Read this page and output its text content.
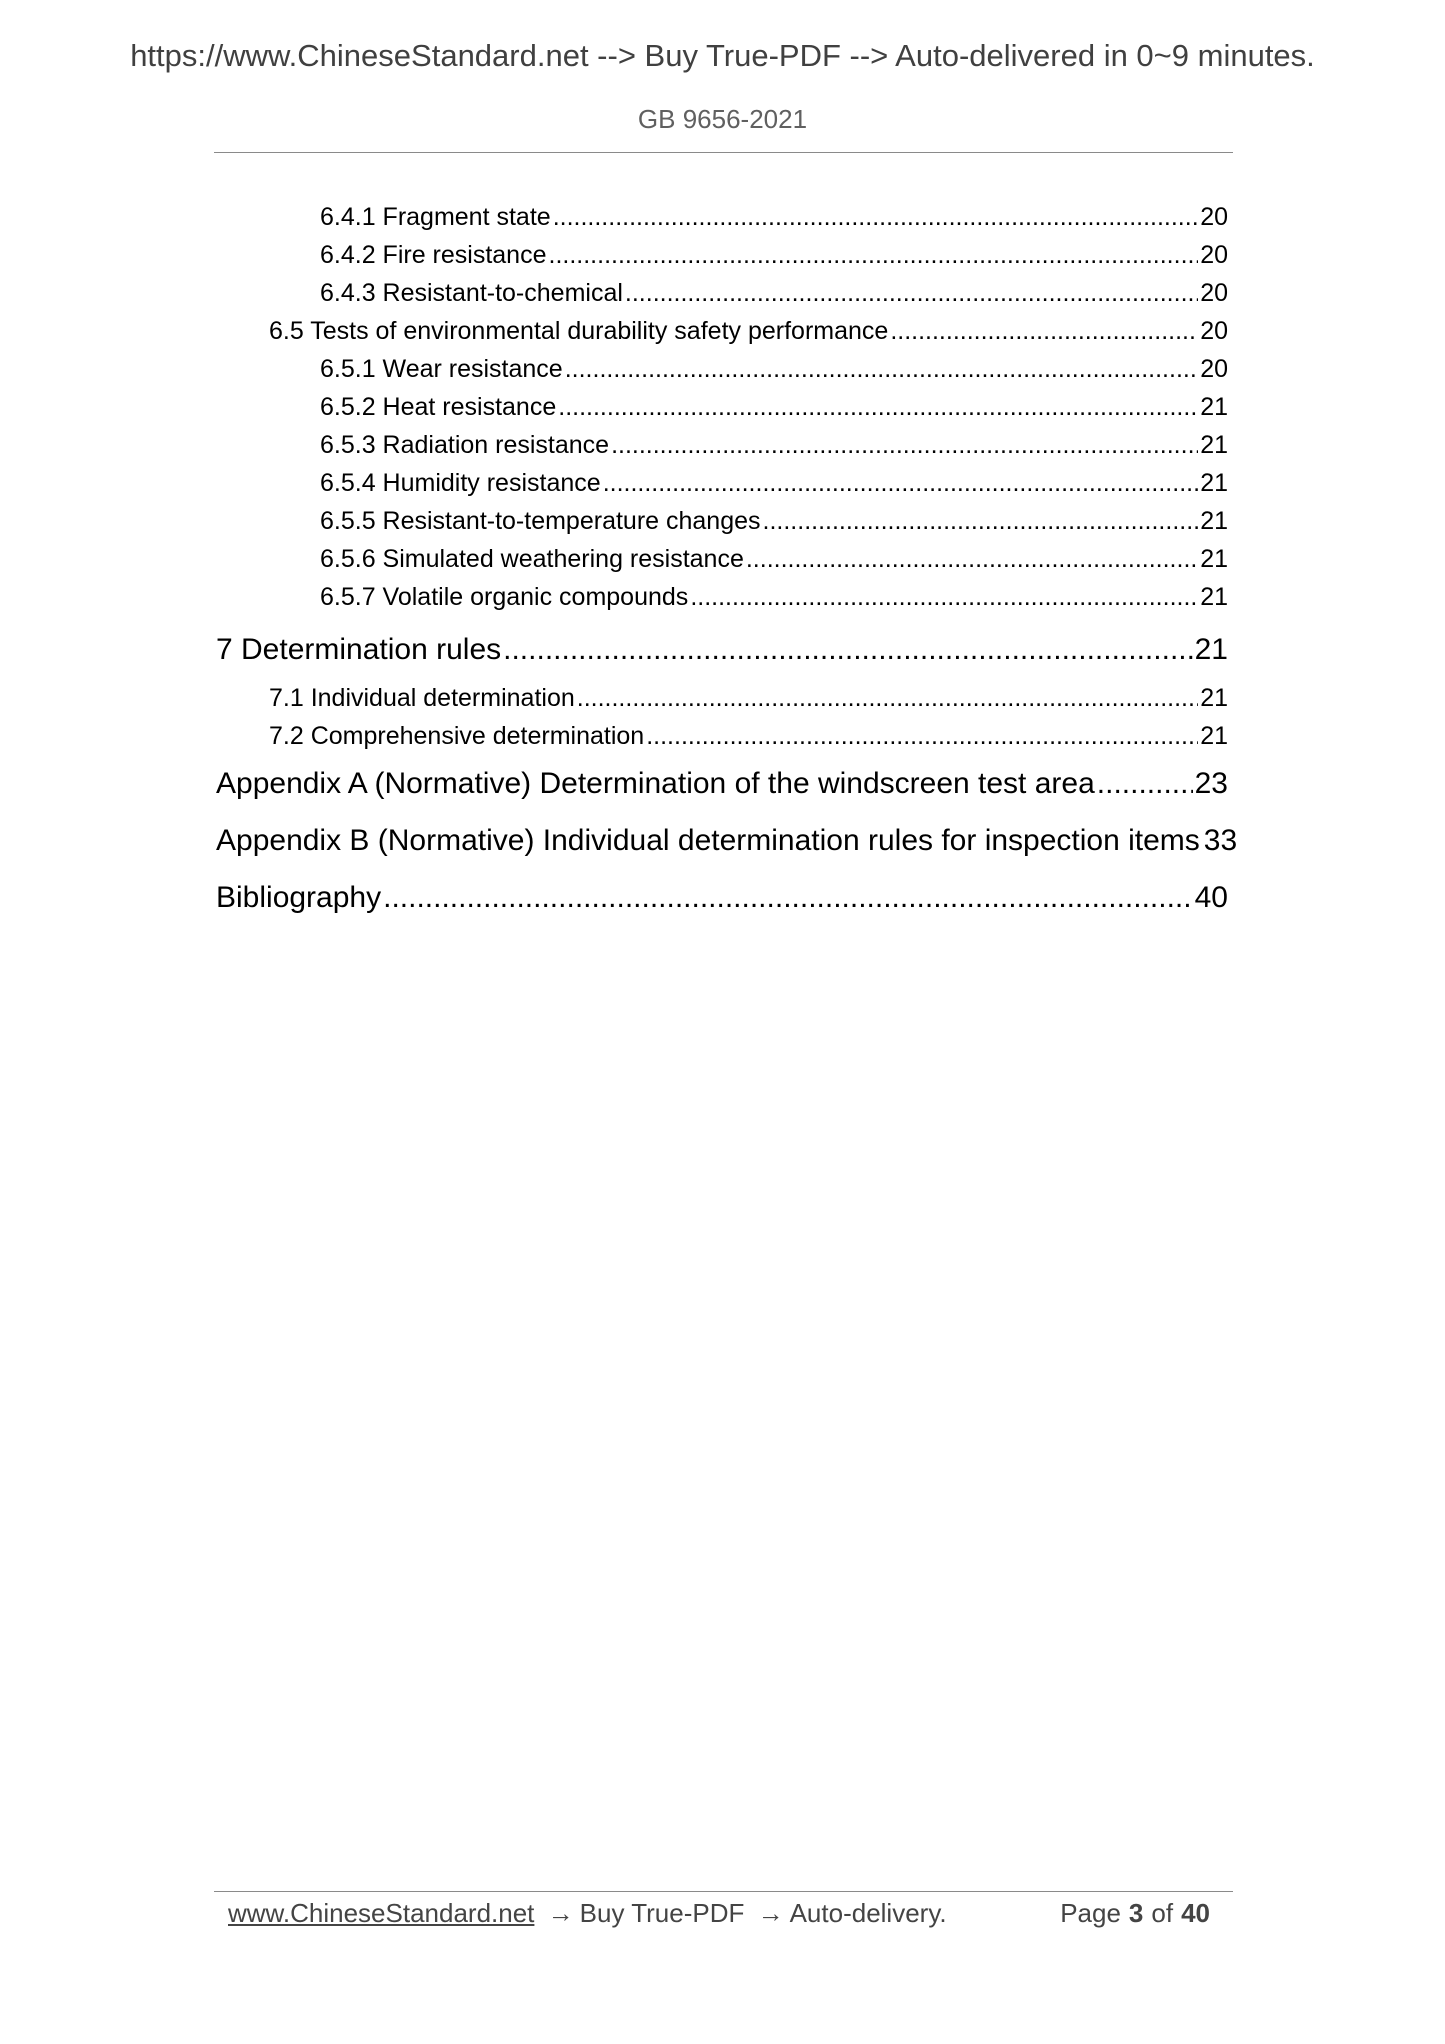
https://www.ChineseStandard.net --> Buy True-PDF --> Auto-delivered in 0~9 minutes.
GB 9656-2021
6.4.1 Fragment state .....	20
6.4.2 Fire resistance .....	20
6.4.3 Resistant-to-chemical .....	20
6.5 Tests of environmental durability safety performance .....	20
6.5.1 Wear resistance .....	20
6.5.2 Heat resistance .....	21
6.5.3 Radiation resistance .....	21
6.5.4 Humidity resistance .....	21
6.5.5 Resistant-to-temperature changes .....	21
6.5.6 Simulated weathering resistance .....	21
6.5.7 Volatile organic compounds .....	21
7 Determination rules .....	21
7.1 Individual determination .....	21
7.2 Comprehensive determination .....	21
Appendix A (Normative) Determination of the windscreen test area .....	23
Appendix B (Normative) Individual determination rules for inspection items 33
Bibliography .....	40
www.ChineseStandard.net → Buy True-PDF → Auto-delivery.	Page 3 of 40
